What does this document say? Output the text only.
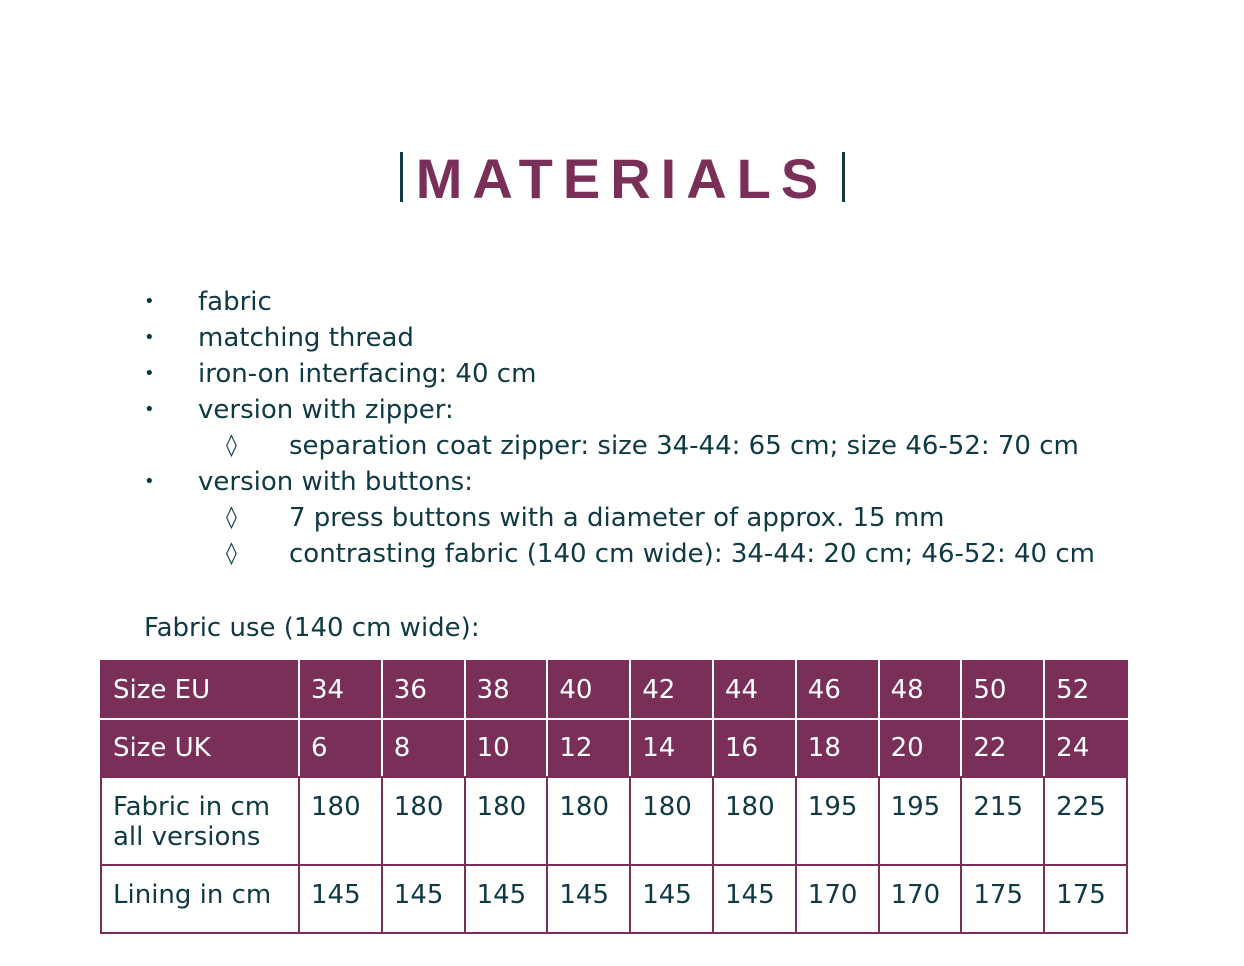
MATERIALS
• fabric
• matching thread
• iron-on interfacing: 40 cm
• version with zipper:
◊ separation coat zipper: size 34-44: 65 cm; size 46-52: 70 cm
• version with buttons:
◊ 7 press buttons with a diameter of approx. 15 mm
◊ contrasting fabric (140 cm wide): 34-44: 20 cm; 46-52: 40 cm
Fabric use (140 cm wide):
Size EU	34	36	38	40	42	44	46	48	50	52
Size UK	6	8	10	12	14	16	18	20	22	24
Fabric in cm
all versions	180	180	180	180	180	180	195	195	215	225
Lining in cm	145	145	145	145	145	145	170	170	175	175
